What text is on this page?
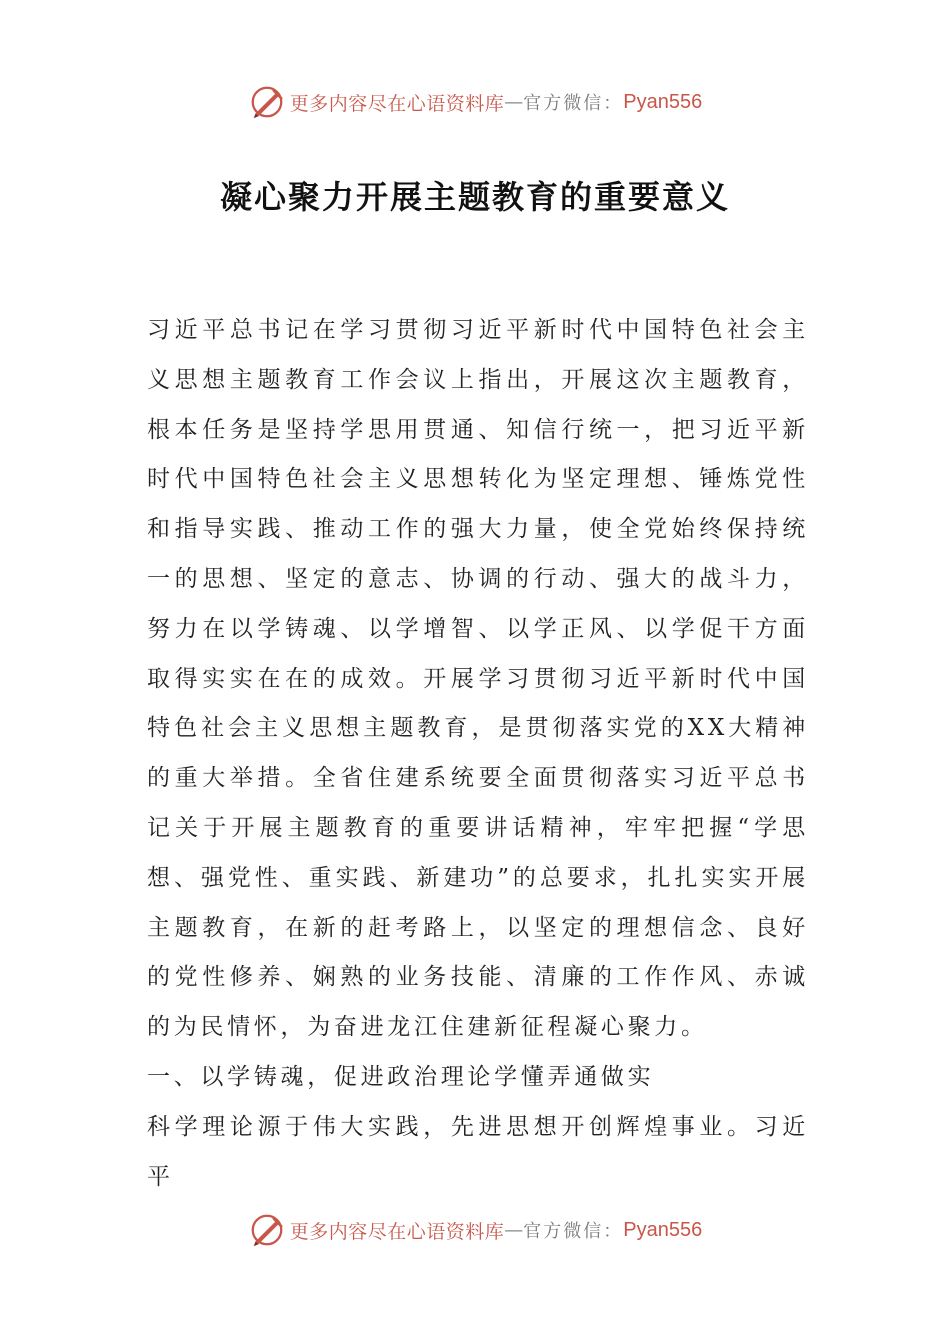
更多内容尽在心语资料库 — 官方微信： Pyan556
凝心聚力开展主题教育的重要意义

习近平总书记在学习贯彻习近平新时代中国特色社会主义思想主题教育工作会议上指出，开展这次主题教育，根本任务是坚持学思用贯通、知信行统一，把习近平新时代中国特色社会主义思想转化为坚定理想、锤炼党性和指导实践、推动工作的强大力量，使全党始终保持统一的思想、坚定的意志、协调的行动、强大的战斗力，努力在以学铸魂、以学增智、以学正风、以学促干方面取得实实在在的成效。开展学习贯彻习近平新时代中国特色社会主义思想主题教育，是贯彻落实党的XX大精神的重大举措。全省住建系统要全面贯彻落实习近平总书记关于开展主题教育的重要讲话精神，牢牢把握“学思想、强党性、重实践、新建功”的总要求，扎扎实实开展主题教育，在新的赶考路上，以坚定的理想信念、良好的党性修养、娴熟的业务技能、清廉的工作作风、赤诚的为民情怀，为奋进龙江住建新征程凝心聚力。

一、以学铸魂，促进政治理论学懂弄通做实

科学理论源于伟大实践，先进思想开创辉煌事业。习近平

更多内容尽在心语资料库 — 官方微信： Pyan556
